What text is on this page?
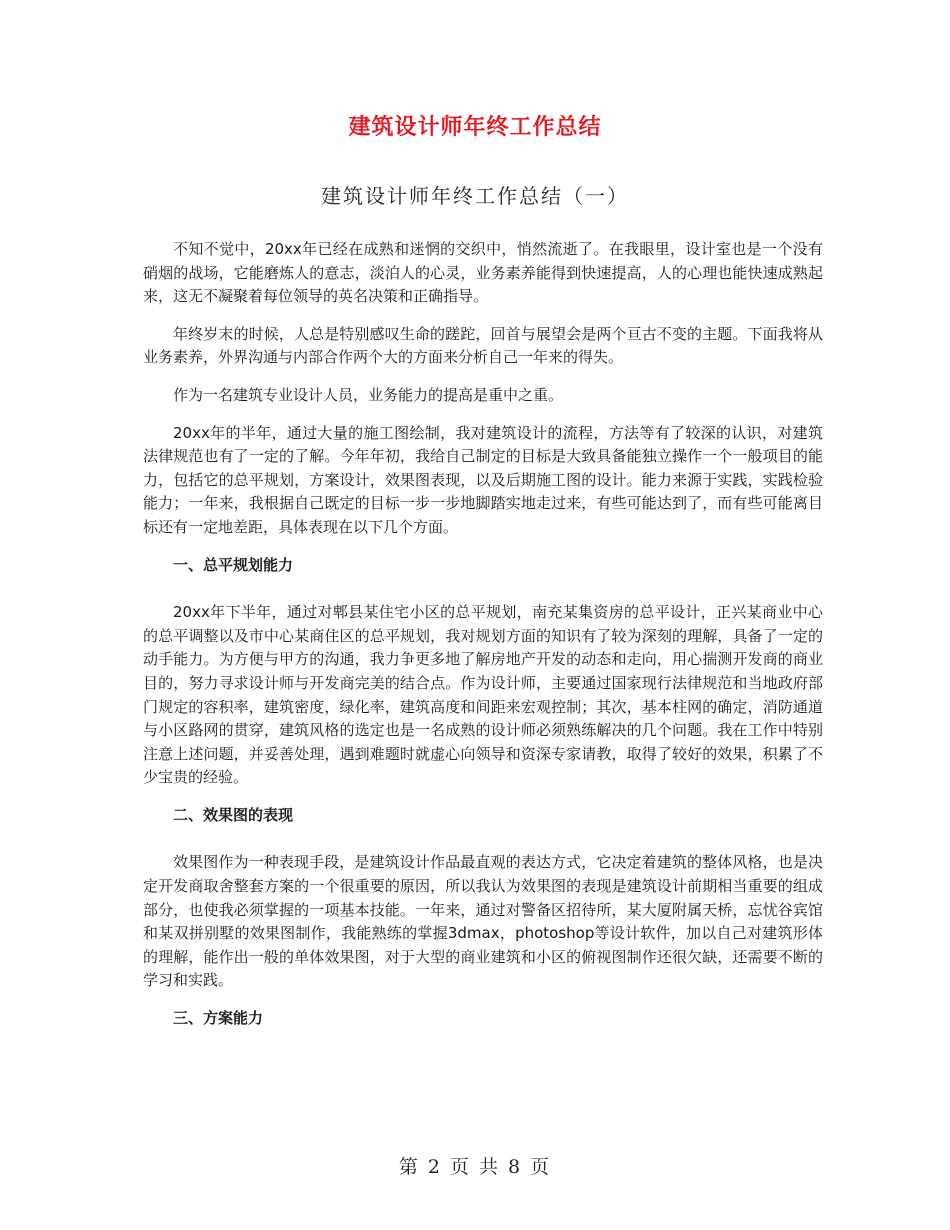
建筑设计师年终工作总结
建筑设计师年终工作总结（一）

不知不觉中，20xx年已经在成熟和迷惘的交织中，悄然流逝了。在我眼里，设计室也是一个没有硝烟的战场，它能磨炼人的意志，淡泊人的心灵，业务素养能得到快速提高，人的心理也能快速成熟起来，这无不凝聚着每位领导的英名决策和正确指导。

年终岁末的时候，人总是特别感叹生命的蹉跎，回首与展望会是两个亘古不变的主题。下面我将从业务素养，外界沟通与内部合作两个大的方面来分析自己一年来的得失。

作为一名建筑专业设计人员，业务能力的提高是重中之重。

20xx年的半年，通过大量的施工图绘制，我对建筑设计的流程，方法等有了较深的认识，对建筑法律规范也有了一定的了解。今年年初，我给自己制定的目标是大致具备能独立操作一个一般项目的能力，包括它的总平规划，方案设计，效果图表现，以及后期施工图的设计。能力来源于实践，实践检验能力；一年来，我根据自己既定的目标一步一步地脚踏实地走过来，有些可能达到了，而有些可能离目标还有一定地差距，具体表现在以下几个方面。

一、总平规划能力

20xx年下半年，通过对郫县某住宅小区的总平规划，南充某集资房的总平设计，正兴某商业中心的总平调整以及市中心某商住区的总平规划，我对规划方面的知识有了较为深刻的理解，具备了一定的动手能力。为方便与甲方的沟通，我力争更多地了解房地产开发的动态和走向，用心揣测开发商的商业目的，努力寻求设计师与开发商完美的结合点。作为设计师，主要通过国家现行法律规范和当地政府部门规定的容积率，建筑密度，绿化率，建筑高度和间距来宏观控制；其次，基本柱网的确定，消防通道与小区路网的贯穿，建筑风格的选定也是一名成熟的设计师必须熟练解决的几个问题。我在工作中特别注意上述问题，并妥善处理，遇到难题时就虚心向领导和资深专家请教，取得了较好的效果，积累了不少宝贵的经验。

二、效果图的表现

效果图作为一种表现手段，是建筑设计作品最直观的表达方式，它决定着建筑的整体风格，也是决定开发商取舍整套方案的一个很重要的原因，所以我认为效果图的表现是建筑设计前期相当重要的组成部分，也使我必须掌握的一项基本技能。一年来，通过对警备区招待所，某大厦附属天桥，忘忧谷宾馆和某双拼别墅的效果图制作，我能熟练的掌握3dmax，photoshop等设计软件，加以自己对建筑形体的理解，能作出一般的单体效果图，对于大型的商业建筑和小区的俯视图制作还很欠缺，还需要不断的学习和实践。

三、方案能力
第 2 页 共 8 页
